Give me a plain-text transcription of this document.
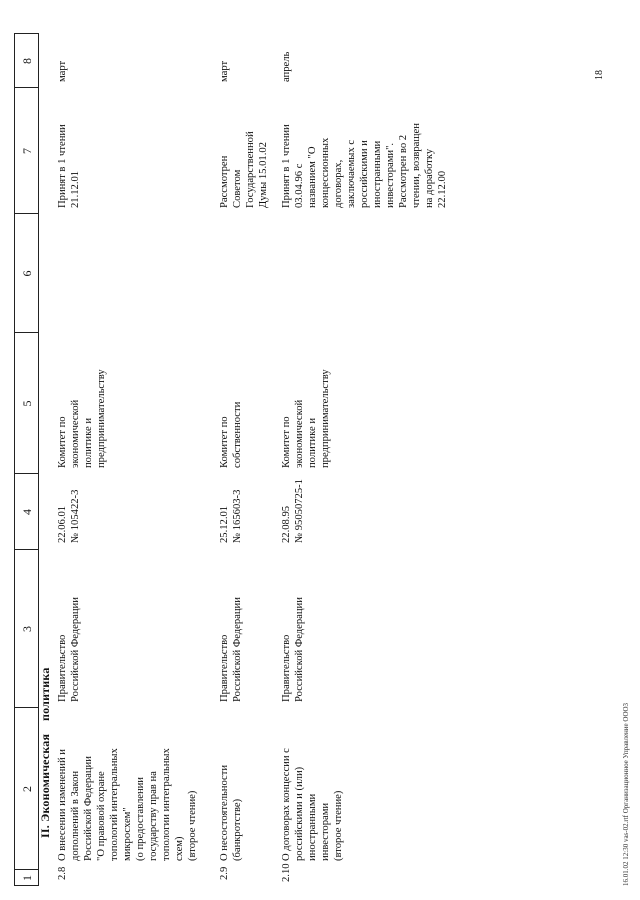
1
2
3
4
5
6
7
8
II. Экономическая    политика
2.8
О внесении изменений и
дополнений в Закон
Российской Федерации
"О правовой охране
топологий интегральных
микросхем"
(о предоставлении
государству прав на
топологии интегральных
схем)
(второе чтение)
Правительство
Российской Федерации
22.06.01
№ 105422-3
Комитет по
экономической
политике и
предпринимательству
Принят в 1 чтении
21.12.01
март
2.9
О несостоятельности
(банкротстве)
Правительство
Российской Федерации
25.12.01
№ 165603-3
Комитет по
собственности
Рассмотрен
Советом
Государственной
Думы 15.01.02
март
2.10
О договорах концессии с
российскими и (или)
иностранными
инвесторами
(второе чтение)
Правительство
Российской Федерации
22.08.95
№ 95050725-1
Комитет по
экономической
политике и
предпринимательству
Принят в 1 чтении
03.04.96 с
названием "О
концессионных
договорах,
заключаемых с
российскими и
иностранными
инвесторами".
Рассмотрен во 2
чтении, возвращен
на доработку
22.12.00
апрель	18
16.01.02 12:30 vas-02.rtf Организационное Управление ООО3
